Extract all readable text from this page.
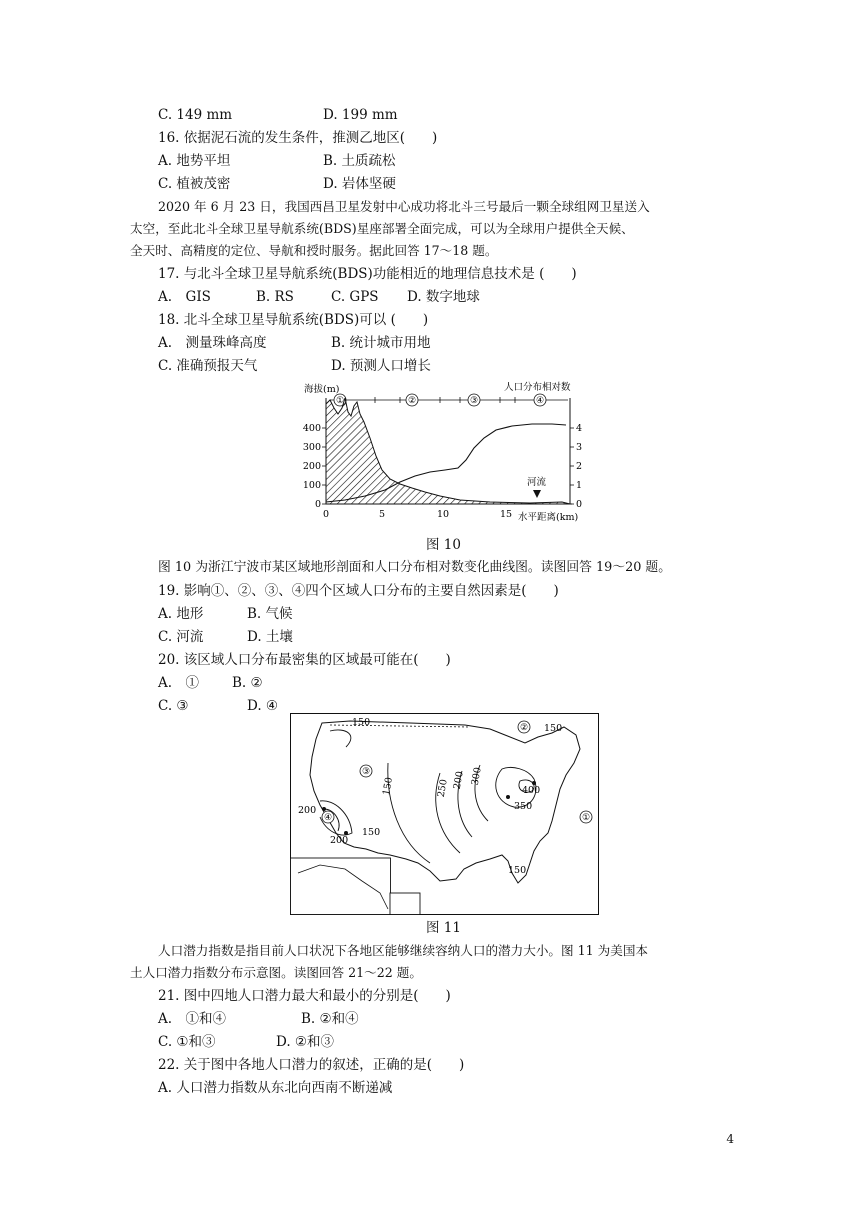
C. 149 mm	D. 199 mm
16. 依据泥石流的发生条件，推测乙地区(　　)
A. 地势平坦	B. 土质疏松
C. 植被茂密	D. 岩体坚硬
2020 年 6 月 23 日，我国西昌卫星发射中心成功将北斗三号最后一颗全球组网卫星送入
太空，至此北斗全球卫星导航系统(BDS)星座部署全面完成，可以为全球用户提供全天候、
全天时、高精度的定位、导航和授时服务。据此回答 17～18 题。
17. 与北斗全球卫星导航系统(BDS)功能相近的地理信息技术是 (　　)
A.　GIS	B. RS	C. GPS D. 数字地球
18. 北斗全球卫星导航系统(BDS)可以 (　　)
A.　测量珠峰高度	B. 统计城市用地
C. 准确预报天气	D. 预测人口增长
①	②	③	④
0
100
200
300
400
0
1
2
3
4
0	5	10	15 水平距离(km)
海拔(m)	人口分布相对数
河流
图 10
图 10 为浙江宁波市某区域地形剖面和人口分布相对数变化曲线图。读图回答 19～20 题。
19. 影响①、②、③、④四个区域人口分布的主要自然因素是(　　)
A. 地形	B. 气候
C. 河流	D. 土壤
20. 该区域人口分布最密集的区域最可能在(　　)
A.　① B. ②
C. ③	D. ④
150
150
150	250 200 300
350
400
200
200
150
150
①
②
③
④
图 11
人口潜力指数是指目前人口状况下各地区能够继续容纳人口的潜力大小。图 11 为美国本
土人口潜力指数分布示意图。读图回答 21～22 题。
21. 图中四地人口潜力最大和最小的分别是(　　)
A.　①和④	B. ②和④
C. ①和③	D. ②和③
22. 关于图中各地人口潜力的叙述，正确的是(　　)
A. 人口潜力指数从东北向西南不断递减
4
